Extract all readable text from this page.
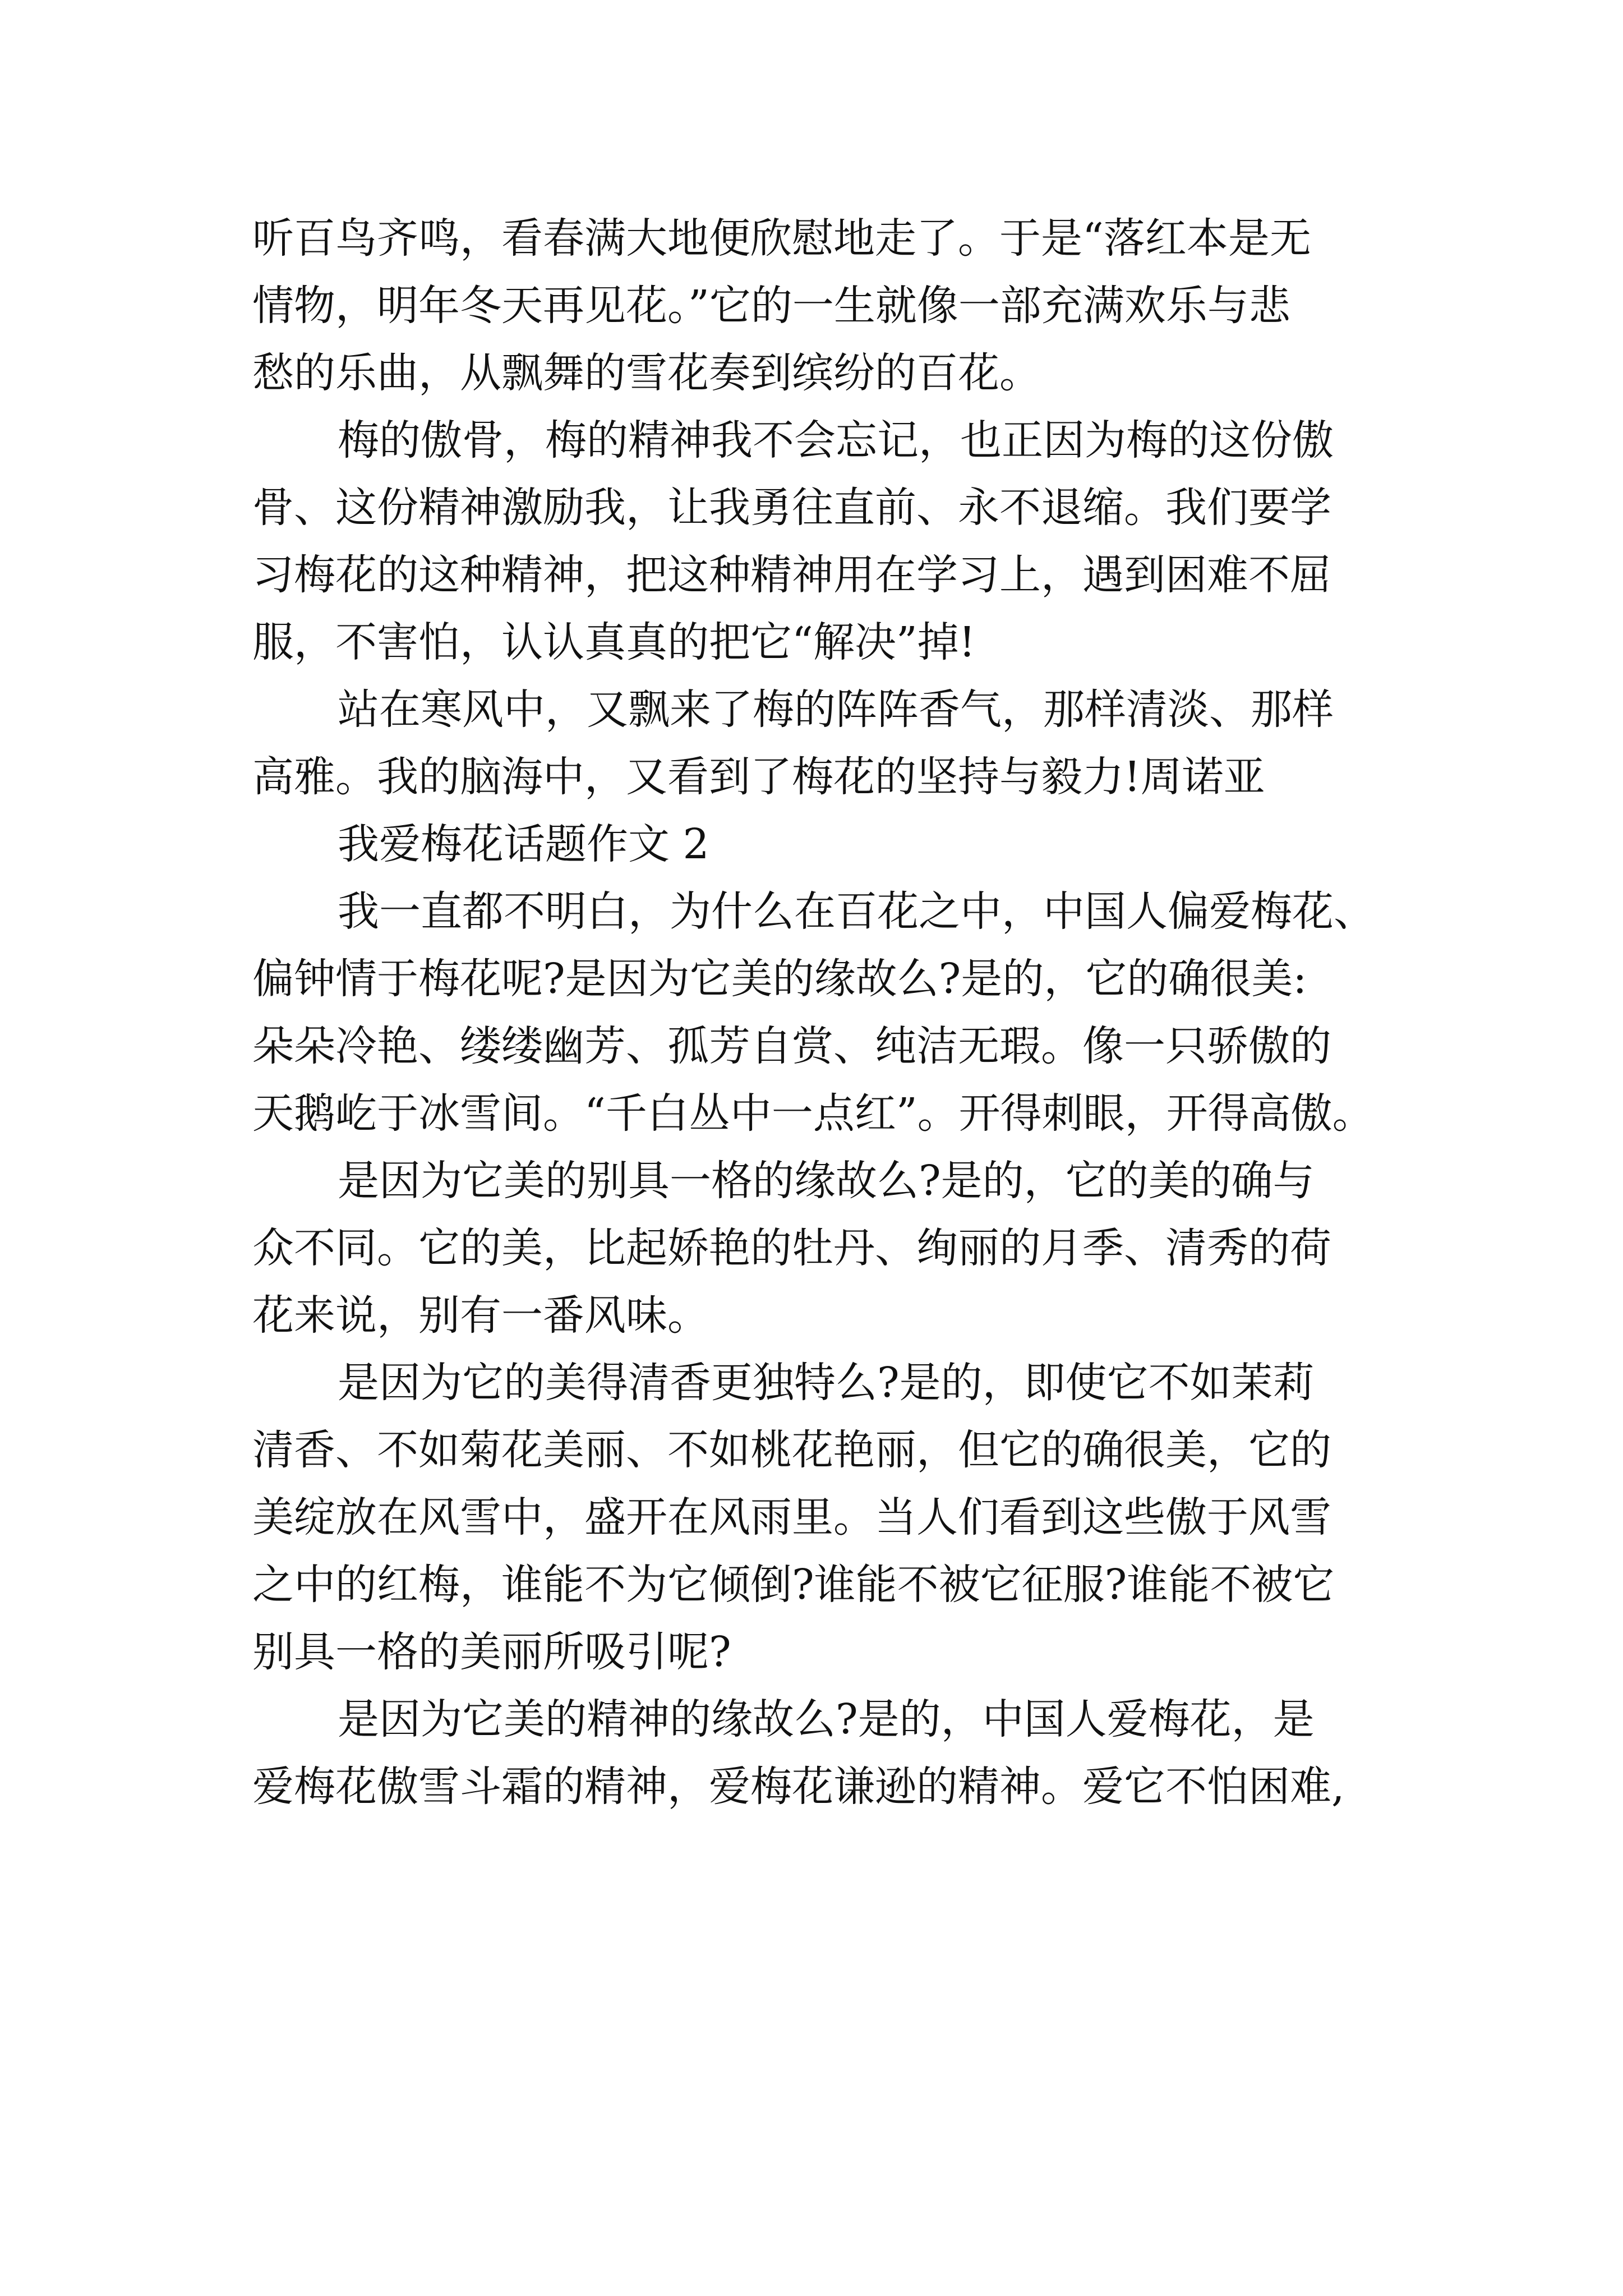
听百鸟齐鸣，看春满大地便欣慰地走了。于是“落红本是无
情物，明年冬天再见花。”它的一生就像一部充满欢乐与悲
愁的乐曲，从飘舞的雪花奏到缤纷的百花。
梅的傲骨，梅的精神我不会忘记，也正因为梅的这份傲
骨、这份精神激励我，让我勇往直前、永不退缩。我们要学
习梅花的这种精神，把这种精神用在学习上，遇到困难不屈
服，不害怕，认认真真的把它“解决”掉!
站在寒风中，又飘来了梅的阵阵香气，那样清淡、那样
高雅。我的脑海中，又看到了梅花的坚持与毅力!周诺亚
我爱梅花话题作文 2
我一直都不明白，为什么在百花之中，中国人偏爱梅花、
偏钟情于梅花呢?是因为它美的缘故么?是的，它的确很美:
朵朵冷艳、缕缕幽芳、孤芳自赏、纯洁无瑕。像一只骄傲的
天鹅屹于冰雪间。“千白丛中一点红”。开得刺眼，开得高傲。
是因为它美的别具一格的缘故么?是的，它的美的确与
众不同。它的美，比起娇艳的牡丹、绚丽的月季、清秀的荷
花来说，别有一番风味。
是因为它的美得清香更独特么?是的，即使它不如茉莉
清香、不如菊花美丽、不如桃花艳丽，但它的确很美，它的
美绽放在风雪中，盛开在风雨里。当人们看到这些傲于风雪
之中的红梅，谁能不为它倾倒?谁能不被它征服?谁能不被它
别具一格的美丽所吸引呢?
是因为它美的精神的缘故么?是的，中国人爱梅花，是
爱梅花傲雪斗霜的精神，爱梅花谦逊的精神。爱它不怕困难,
